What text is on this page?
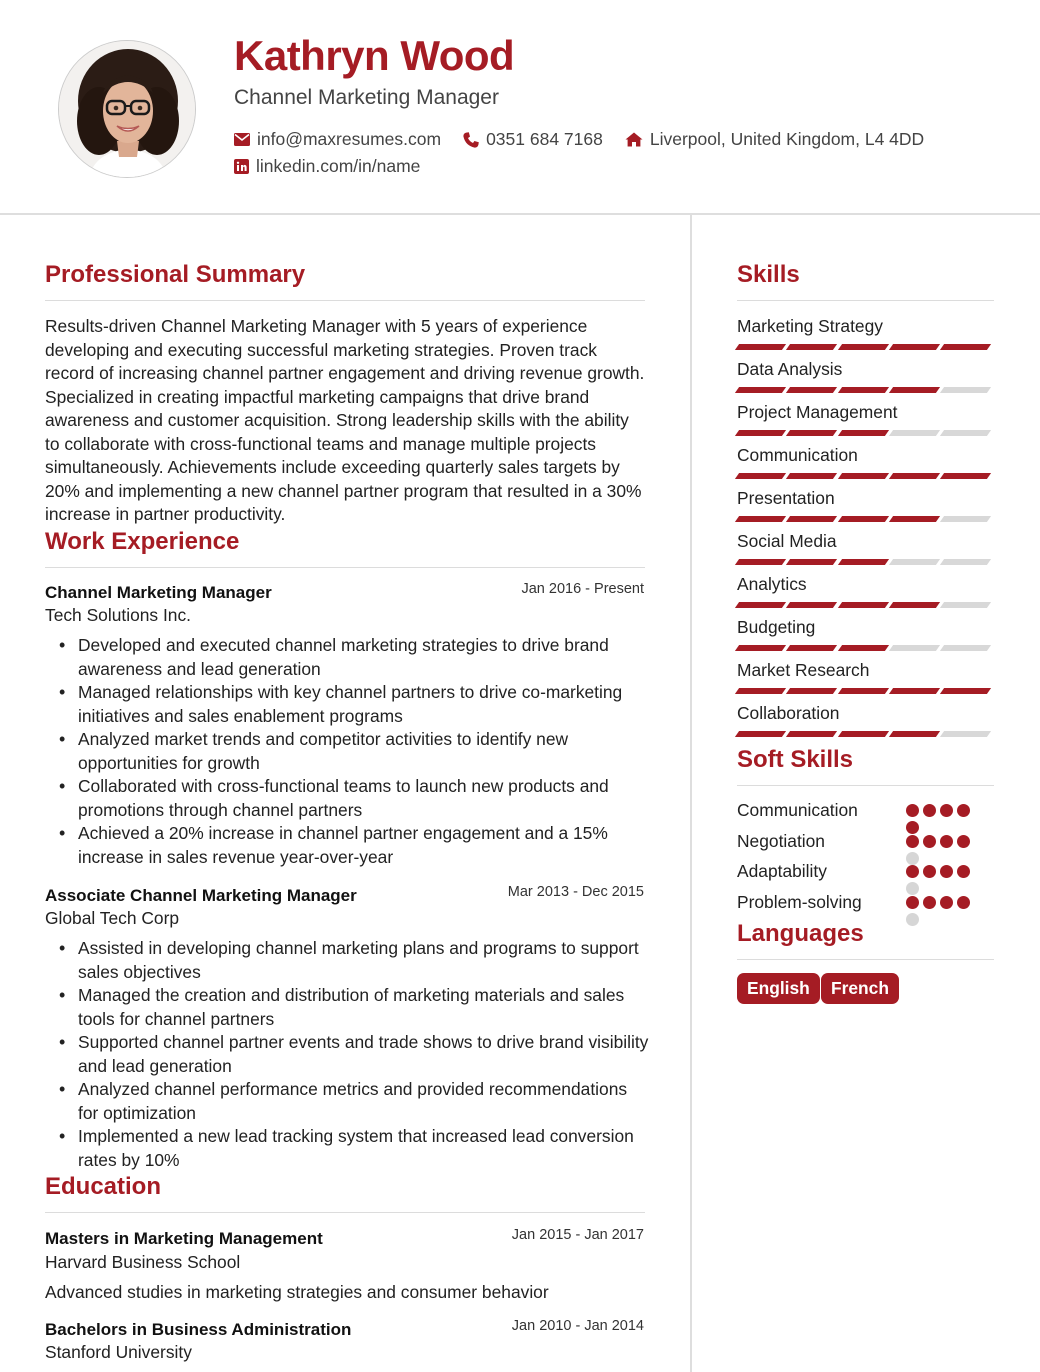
Kathryn Wood
Channel Marketing Manager
info@maxresumes.com	0351 684 7168	Liverpool, United Kingdom, L4 4DD
linkedin.com/in/name
Professional Summary
Results-driven Channel Marketing Manager with 5 years of experience developing and executing successful marketing strategies. Proven track record of increasing channel partner engagement and driving revenue growth. Specialized in creating impactful marketing campaigns that drive brand awareness and customer acquisition. Strong leadership skills with the ability to collaborate with cross-functional teams and manage multiple projects simultaneously. Achievements include exceeding quarterly sales targets by 20% and implementing a new channel partner program that resulted in a 30% increase in partner productivity.
Work Experience
Channel Marketing Manager	Jan 2016 - Present
Tech Solutions Inc.
• Developed and executed channel marketing strategies to drive brand awareness and lead generation
• Managed relationships with key channel partners to drive co-marketing initiatives and sales enablement programs
• Analyzed market trends and competitor activities to identify new opportunities for growth
• Collaborated with cross-functional teams to launch new products and promotions through channel partners
• Achieved a 20% increase in channel partner engagement and a 15% increase in sales revenue year-over-year
Associate Channel Marketing Manager	Mar 2013 - Dec 2015
Global Tech Corp
• Assisted in developing channel marketing plans and programs to support sales objectives
• Managed the creation and distribution of marketing materials and sales tools for channel partners
• Supported channel partner events and trade shows to drive brand visibility and lead generation
• Analyzed channel performance metrics and provided recommendations for optimization
• Implemented a new lead tracking system that increased lead conversion rates by 10%
Education
Masters in Marketing Management	Jan 2015 - Jan 2017
Harvard Business School
Advanced studies in marketing strategies and consumer behavior
Bachelors in Business Administration	Jan 2010 - Jan 2014
Stanford University
Skills
Marketing Strategy
Data Analysis
Project Management
Communication
Presentation
Social Media
Analytics
Budgeting
Market Research
Collaboration
Soft Skills
Communication
Negotiation
Adaptability
Problem-solving
Languages
English	French
